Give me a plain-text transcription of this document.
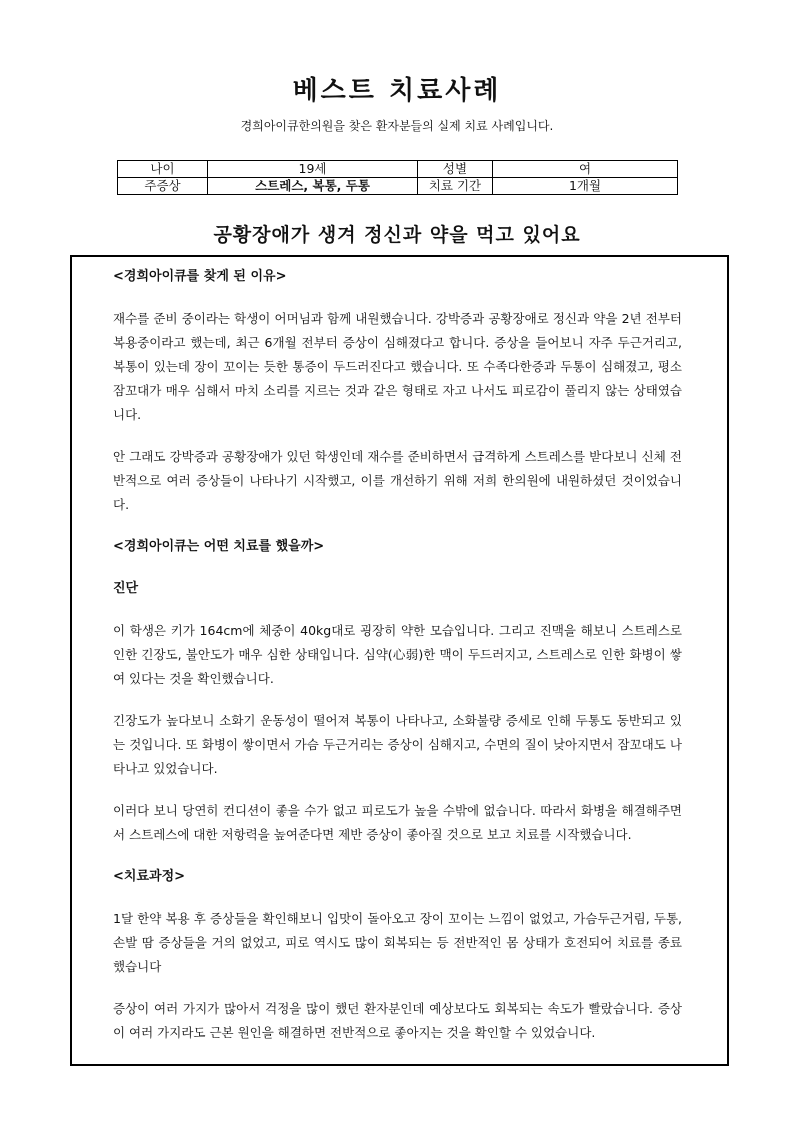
베스트 치료사례

경희아이큐한의원을 찾은 환자분들의 실제 치료 사례입니다.

나이	19세	성별	여
주증상	스트레스, 복통, 두통	치료 기간	1개월
공황장애가 생겨 정신과 약을 먹고 있어요
<경희아이큐를 찾게 된 이유>

재수를 준비 중이라는 학생이 어머님과 함께 내원했습니다. 강박증과 공황장애로 정신과 약을 2년 전부터 복용중이라고 했는데, 최근 6개월 전부터 증상이 심해졌다고 합니다. 증상을 들어보니 자주 두근거리고, 복통이 있는데 장이 꼬이는 듯한 통증이 두드러진다고 했습니다. 또 수족다한증과 두통이 심해졌고, 평소 잠꼬대가 매우 심해서 마치 소리를 지르는 것과 같은 형태로 자고 나서도 피로감이 풀리지 않는 상태였습니다.

안 그래도 강박증과 공황장애가 있던 학생인데 재수를 준비하면서 급격하게 스트레스를 받다보니 신체 전반적으로 여러 증상들이 나타나기 시작했고, 이를 개선하기 위해 저희 한의원에 내원하셨던 것이었습니다.

<경희아이큐는 어떤 치료를 했을까>
진단

이 학생은 키가 164cm에 체중이 40kg대로 굉장히 약한 모습입니다. 그리고 진맥을 해보니 스트레스로 인한 긴장도, 불안도가 매우 심한 상태입니다. 심약(心弱)한 맥이 두드러지고, 스트레스로 인한 화병이 쌓여 있다는 것을 확인했습니다.

긴장도가 높다보니 소화기 운동성이 떨어져 복통이 나타나고, 소화불량 증세로 인해 두통도 동반되고 있는 것입니다. 또 화병이 쌓이면서 가슴 두근거리는 증상이 심해지고, 수면의 질이 낮아지면서 잠꼬대도 나타나고 있었습니다.

이러다 보니 당연히 컨디션이 좋을 수가 없고 피로도가 높을 수밖에 없습니다. 따라서 화병을 해결해주면서 스트레스에 대한 저항력을 높여준다면 제반 증상이 좋아질 것으로 보고 치료를 시작했습니다.

<치료과정>

1달 한약 복용 후 증상들을 확인해보니 입맛이 돌아오고 장이 꼬이는 느낌이 없었고, 가슴두근거림, 두통, 손발 땀 증상들을 거의 없었고, 피로 역시도 많이 회복되는 등 전반적인 몸 상태가 호전되어 치료를 종료했습니다

증상이 여러 가지가 많아서 걱정을 많이 했던 환자분인데 예상보다도 회복되는 속도가 빨랐습니다. 증상이 여러 가지라도 근본 원인을 해결하면 전반적으로 좋아지는 것을 확인할 수 있었습니다.
